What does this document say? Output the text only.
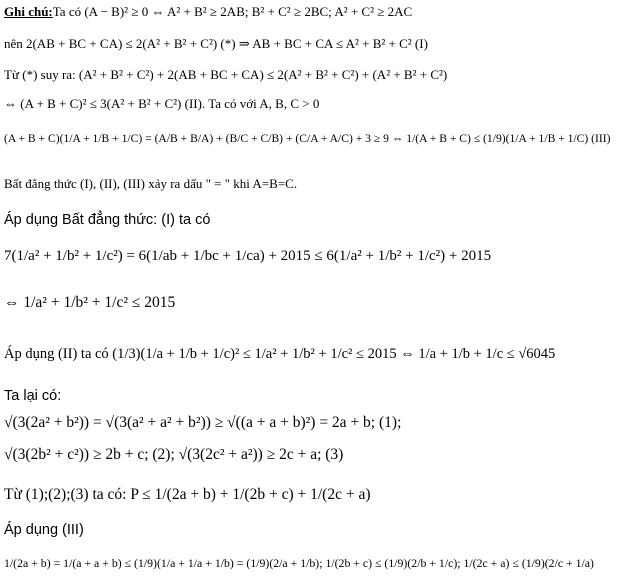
Ghi chú: Ta có (A − B)² ≥ 0 ⇔ A² + B² ≥ 2AB; B² + C² ≥ 2BC; A² + C² ≥ 2AC
nên 2(AB + BC + CA) ≤ 2(A² + B² + C²) (*) ⇒ AB + BC + CA ≤ A² + B² + C² (I)
Từ (*) suy ra: (A² + B² + C²) + 2(AB + BC + CA) ≤ 2(A² + B² + C²) + (A² + B² + C²)
⇔ (A + B + C)² ≤ 3(A² + B² + C²) (II). Ta có với A, B, C > 0
(A + B + C)(1/A + 1/B + 1/C) = (A/B + B/A) + (B/C + C/B) + (C/A + A/C) + 3 ≥ 9 ⇔ 1/(A + B + C) ≤ (1/9)(1/A + 1/B + 1/C) (III)
Bất đẳng thức (I), (II), (III) xảy ra dấu " = " khi A=B=C.
Áp dụng Bất đẳng thức: (I) ta có
7(1/a² + 1/b² + 1/c²) = 6(1/ab + 1/bc + 1/ca) + 2015 ≤ 6(1/a² + 1/b² + 1/c²) + 2015
⇔ 1/a² + 1/b² + 1/c² ≤ 2015
Áp dụng (II) ta có (1/3)(1/a + 1/b + 1/c)² ≤ 1/a² + 1/b² + 1/c² ≤ 2015 ⇔ 1/a + 1/b + 1/c ≤ √6045
Ta lại có:
√(3(2a² + b²)) = √(3(a² + a² + b²)) ≥ √((a + a + b)²) = 2a + b; (1);
√(3(2b² + c²)) ≥ 2b + c; (2); √(3(2c² + a²)) ≥ 2c + a; (3)
Từ (1);(2);(3) ta có: P ≤ 1/(2a + b) + 1/(2b + c) + 1/(2c + a)
Áp dụng (III)
1/(2a + b) = 1/(a + a + b) ≤ (1/9)(1/a + 1/a + 1/b) = (1/9)(2/a + 1/b); 1/(2b + c) ≤ (1/9)(2/b + 1/c); 1/(2c + a) ≤ (1/9)(2/c + 1/a)
